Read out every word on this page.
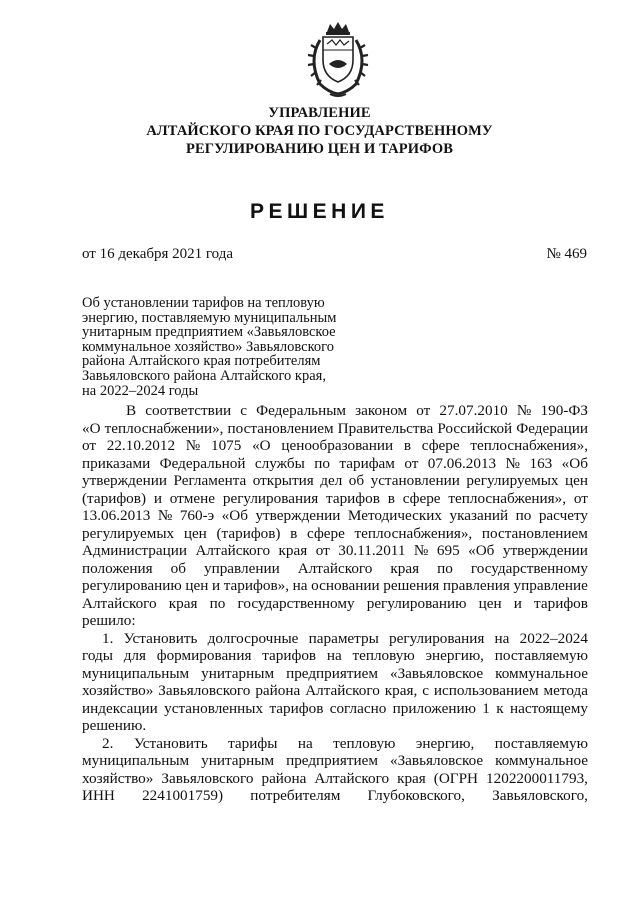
УПРАВЛЕНИЕ
АЛТАЙСКОГО КРАЯ ПО ГОСУДАРСТВЕННОМУ
РЕГУЛИРОВАНИЮ ЦЕН И ТАРИФОВ
РЕШЕНИЕ
от 16 декабря 2021 года	№ 469
Об установлении тарифов на тепловую
энергию, поставляемую муниципальным
унитарным предприятием «Завьяловское
коммунальное хозяйство» Завьяловского
района Алтайского края потребителям
Завьяловского района Алтайского края,
на 2022–2024 годы
В соответствии с Федеральным законом от 27.07.2010 № 190-ФЗ
«О теплоснабжении», постановлением Правительства Российской Федерации
от 22.10.2012 № 1075 «О ценообразовании в сфере теплоснабжения»,
приказами Федеральной службы по тарифам от 07.06.2013 № 163 «Об
утверждении Регламента открытия дел об установлении регулируемых цен
(тарифов) и отмене регулирования тарифов в сфере теплоснабжения», от
13.06.2013 № 760-э «Об утверждении Методических указаний по расчету
регулируемых цен (тарифов) в сфере теплоснабжения», постановлением
Администрации Алтайского края от 30.11.2011 № 695 «Об утверждении
положения об управлении Алтайского края по государственному
регулированию цен и тарифов», на основании решения правления управление
Алтайского края по государственному регулированию цен и тарифов
решило:
1. Установить долгосрочные параметры регулирования на 2022–2024
годы для формирования тарифов на тепловую энергию, поставляемую
муниципальным унитарным предприятием «Завьяловское коммунальное
хозяйство» Завьяловского района Алтайского края, с использованием метода
индексации установленных тарифов согласно приложению 1 к настоящему
решению.
2. Установить тарифы на тепловую энергию, поставляемую
муниципальным унитарным предприятием «Завьяловское коммунальное
хозяйство» Завьяловского района Алтайского края (ОГРН 1202200011793,
ИНН 2241001759) потребителям Глубоковского, Завьяловского,
